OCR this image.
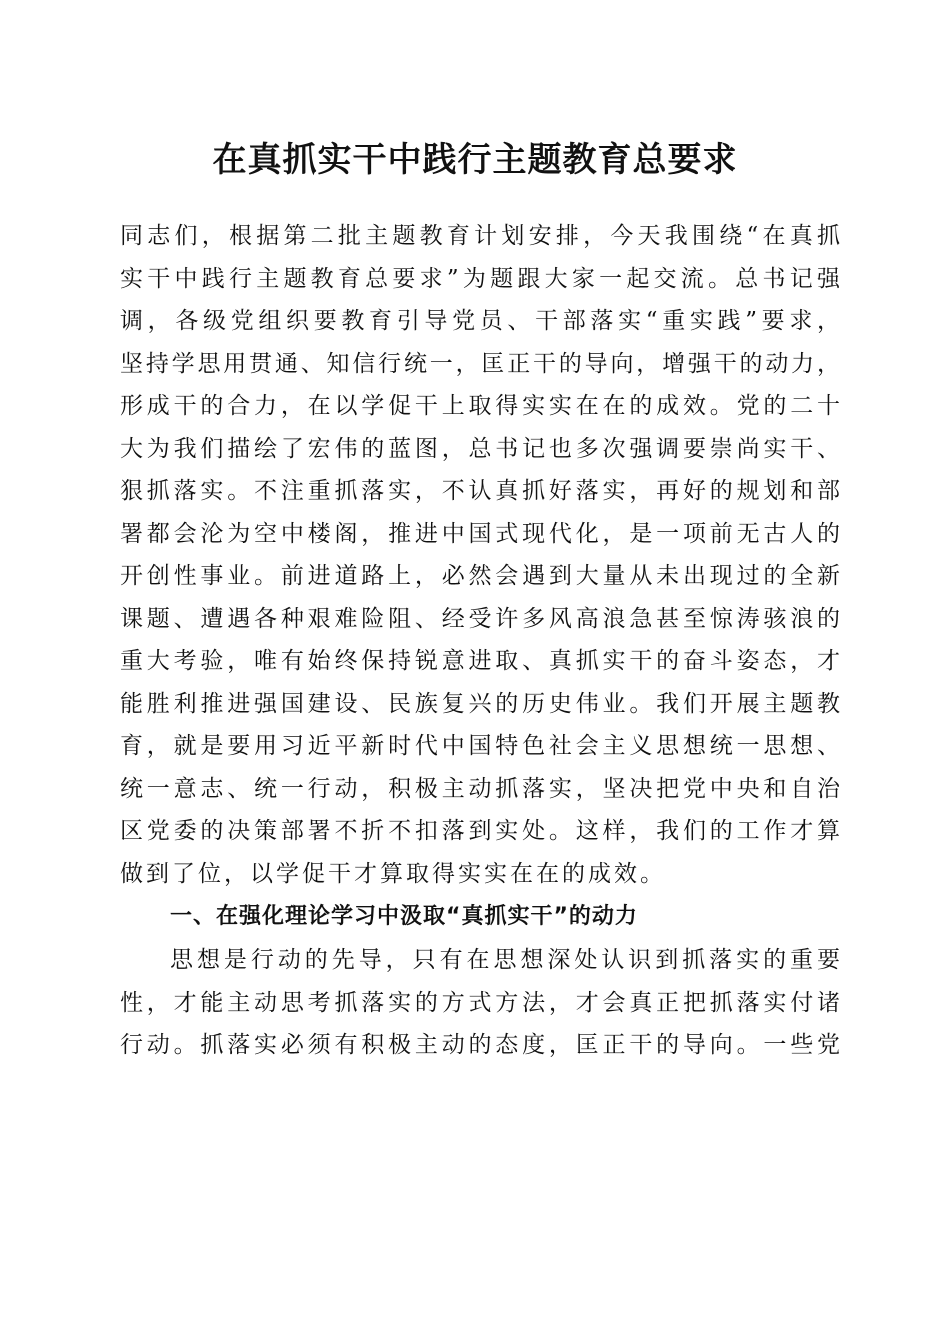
在真抓实干中践行主题教育总要求
同志们，根据第二批主题教育计划安排，今天我围绕“在真抓
实干中践行主题教育总要求”为题跟大家一起交流。总书记强
调，各级党组织要教育引导党员、干部落实“重实践”要求，
坚持学思用贯通、知信行统一，匡正干的导向，增强干的动力，
形成干的合力，在以学促干上取得实实在在的成效。党的二十
大为我们描绘了宏伟的蓝图，总书记也多次强调要崇尚实干、
狠抓落实。不注重抓落实，不认真抓好落实，再好的规划和部
署都会沦为空中楼阁，推进中国式现代化，是一项前无古人的
开创性事业。前进道路上，必然会遇到大量从未出现过的全新
课题、遭遇各种艰难险阻、经受许多风高浪急甚至惊涛骇浪的
重大考验，唯有始终保持锐意进取、真抓实干的奋斗姿态，才
能胜利推进强国建设、民族复兴的历史伟业。我们开展主题教
育，就是要用习近平新时代中国特色社会主义思想统一思想、
统一意志、统一行动，积极主动抓落实，坚决把党中央和自治
区党委的决策部署不折不扣落到实处。这样，我们的工作才算
做到了位，以学促干才算取得实实在在的成效。
一、在强化理论学习中汲取“真抓实干”的动力
思想是行动的先导，只有在思想深处认识到抓落实的重要
性，才能主动思考抓落实的方式方法，才会真正把抓落实付诸
行动。抓落实必须有积极主动的态度，匡正干的导向。一些党
